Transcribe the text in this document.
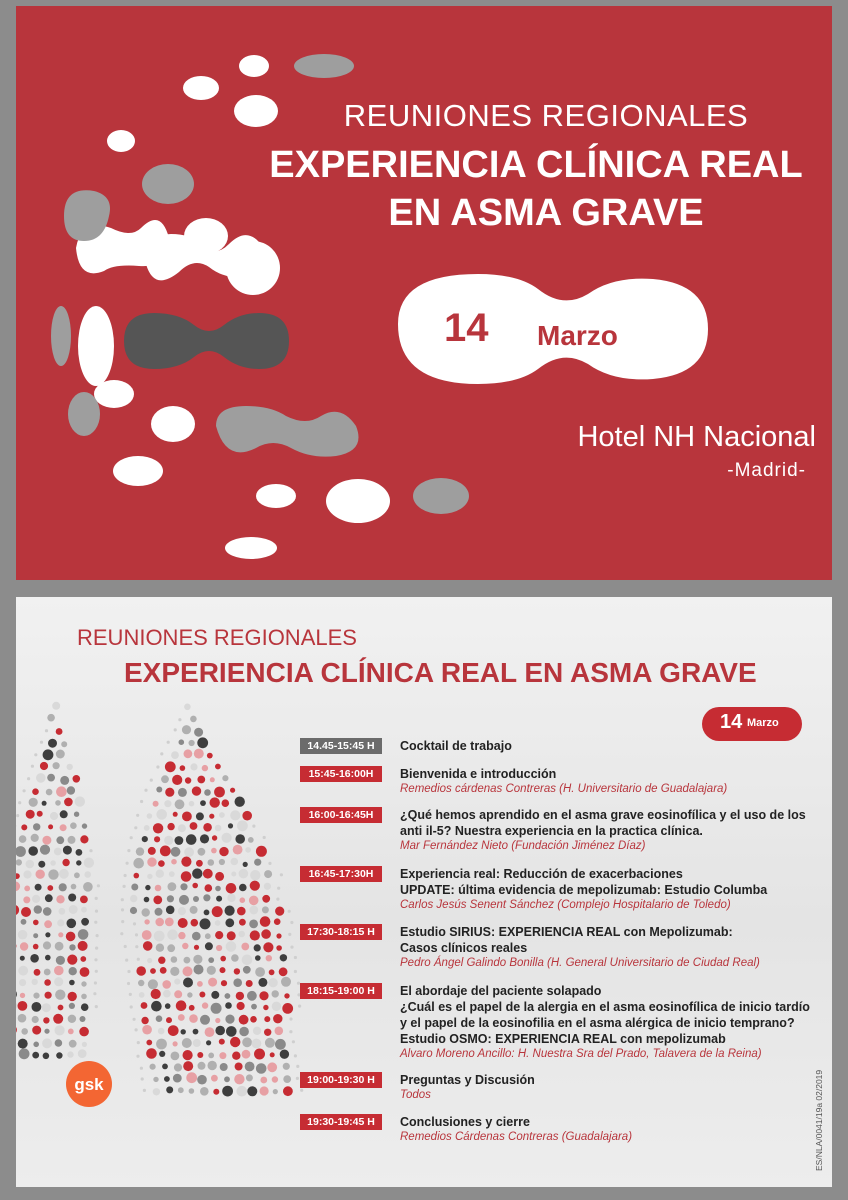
REUNIONES REGIONALES
EXPERIENCIA CLÍNICA REAL
EN ASMA GRAVE
14 Marzo
Hotel NH Nacional
-Madrid-
REUNIONES REGIONALES
EXPERIENCIA CLÍNICA REAL EN ASMA GRAVE
14 Marzo
14.45-15:45 H	Cocktail de trabajo
15:45-16:00H	Bienvenida e introducción
Remedios cárdenas Contreras (H. Universitario de Guadalajara)
16:00-16:45H	¿Qué hemos aprendido en el asma grave eosinofílica y el uso de los
anti il-5? Nuestra experiencia en la practica clínica.
Mar Fernández Nieto (Fundación Jiménez Díaz)
16:45-17:30H	Experiencia real: Reducción de exacerbaciones
UPDATE: última evidencia de mepolizumab: Estudio Columba
Carlos Jesús Senent Sánchez (Complejo Hospitalario de Toledo)
17:30-18:15 H	Estudio SIRIUS: EXPERIENCIA REAL con Mepolizumab:
Casos clínicos reales
Pedro Ángel Galindo Bonilla (H. General Universitario de Ciudad Real)
18:15-19:00 H	El abordaje del paciente solapado
¿Cuál es el papel de la alergia en el asma eosinofílica de inicio tardío
y el papel de la eosinofilia en el asma alérgica de inicio temprano?
Estudio OSMO: EXPERIENCIA REAL con mepolizumab
Alvaro Moreno Ancillo: H. Nuestra Sra del Prado, Talavera de la Reina)
19:00-19:30 H	Preguntas y Discusión
Todos
19:30-19:45 H	Conclusiones y cierre
Remedios Cárdenas Contreras (Guadalajara)
gsk	ES/NLA/0041/19a 02/2019
